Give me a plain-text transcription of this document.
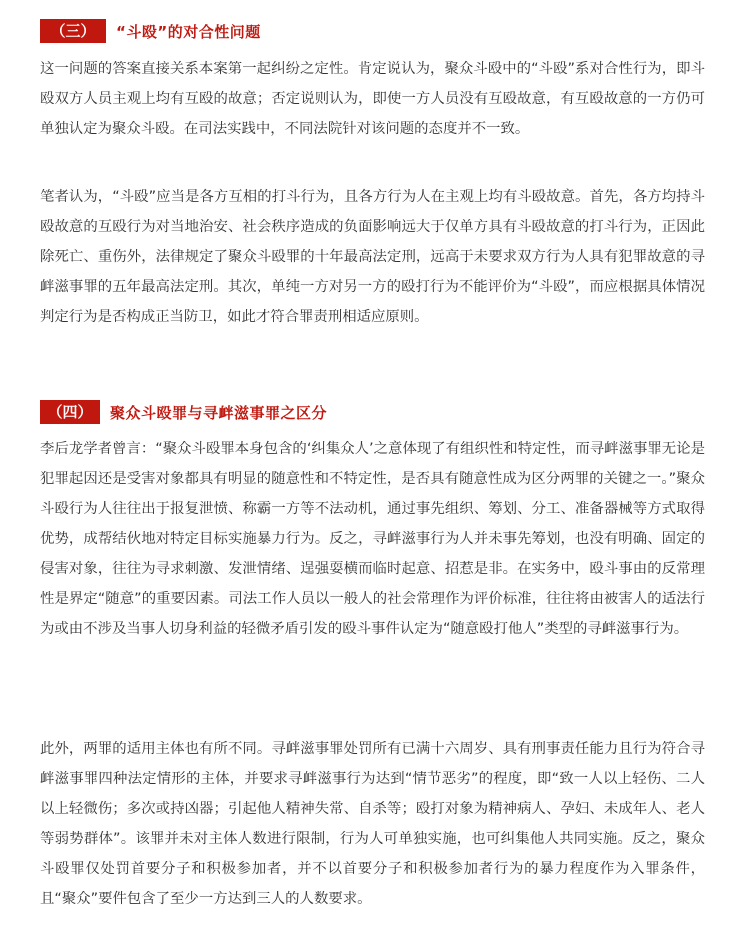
（三）	“斗殴”的对合性问题

这一问题的答案直接关系本案第一起纠纷之定性。肯定说认为，聚众斗殴中的“斗殴”系对合性行为，即斗殴双方人员主观上均有互殴的故意；否定说则认为，即使一方人员没有互殴故意，有互殴故意的一方仍可单独认定为聚众斗殴。在司法实践中，不同法院针对该问题的态度并不一致。

笔者认为，“斗殴”应当是各方互相的打斗行为，且各方行为人在主观上均有斗殴故意。首先，各方均持斗殴故意的互殴行为对当地治安、社会秩序造成的负面影响远大于仅单方具有斗殴故意的打斗行为，正因此除死亡、重伤外，法律规定了聚众斗殴罪的十年最高法定刑，远高于未要求双方行为人具有犯罪故意的寻衅滋事罪的五年最高法定刑。其次，单纯一方对另一方的殴打行为不能评价为“斗殴”，而应根据具体情况判定行为是否构成正当防卫，如此才符合罪责刑相适应原则。

（四）	聚众斗殴罪与寻衅滋事罪之区分

李后龙学者曾言：“聚众斗殴罪本身包含的‘纠集众人’之意体现了有组织性和特定性，而寻衅滋事罪无论是犯罪起因还是受害对象都具有明显的随意性和不特定性，是否具有随意性成为区分两罪的关键之一。”聚众斗殴行为人往往出于报复泄愤、称霸一方等不法动机，通过事先组织、筹划、分工、准备器械等方式取得优势，成帮结伙地对特定目标实施暴力行为。反之，寻衅滋事行为人并未事先筹划，也没有明确、固定的侵害对象，往往为寻求刺激、发泄情绪、逞强耍横而临时起意、招惹是非。在实务中，殴斗事由的反常理性是界定“随意”的重要因素。司法工作人员以一般人的社会常理作为评价标准，往往将由被害人的适法行为或由不涉及当事人切身利益的轻微矛盾引发的殴斗事件认定为“随意殴打他人”类型的寻衅滋事行为。

此外，两罪的适用主体也有所不同。寻衅滋事罪处罚所有已满十六周岁、具有刑事责任能力且行为符合寻衅滋事罪四种法定情形的主体，并要求寻衅滋事行为达到“情节恶劣”的程度，即“致一人以上轻伤、二人以上轻微伤；多次或持凶器；引起他人精神失常、自杀等；殴打对象为精神病人、孕妇、未成年人、老人等弱势群体”。该罪并未对主体人数进行限制，行为人可单独实施，也可纠集他人共同实施。反之，聚众斗殴罪仅处罚首要分子和积极参加者，并不以首要分子和积极参加者行为的暴力程度作为入罪条件，且“聚众”要件包含了至少一方达到三人的人数要求。
